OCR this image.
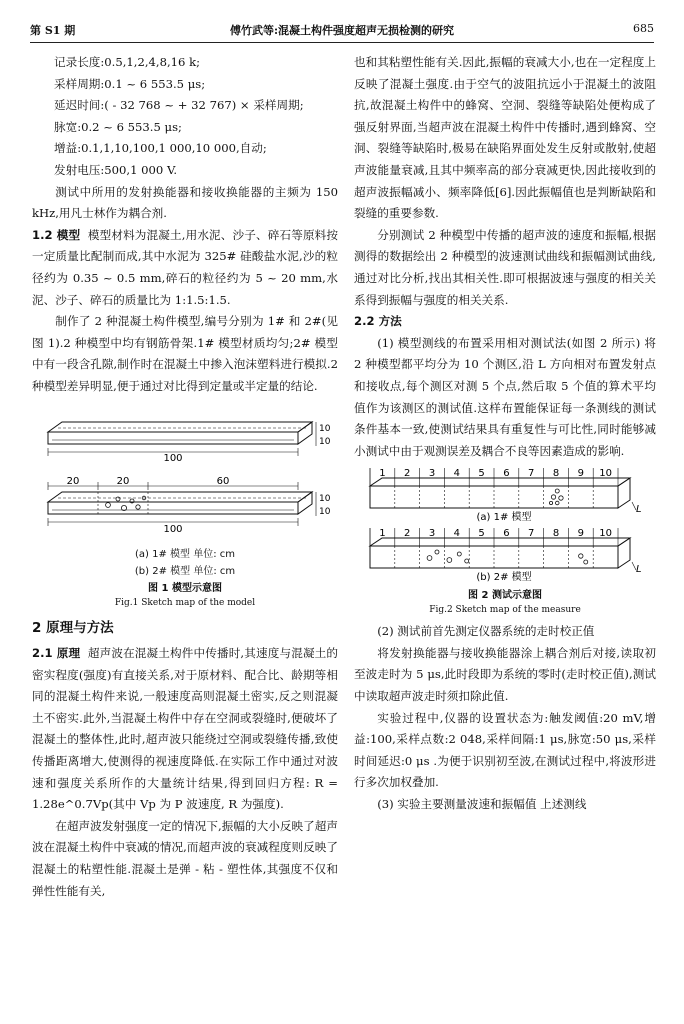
第 S1 期	傅竹武等:混凝土构件强度超声无损检测的研究	685

记录长度:0.5,1,2,4,8,16 k;

采样周期:0.1 ~ 6 553.5 μs;

延迟时间:( - 32 768 ~ + 32 767) × 采样周期;

脉宽:0.2 ~ 6 553.5 μs;

增益:0.1,1,10,100,1 000,10 000,自动;

发射电压:500,1 000 V.

测试中所用的发射换能器和接收换能器的主频为 150 kHz,用凡士林作为耦合剂.

1.2 模型 模型材料为混凝土,用水泥、沙子、碎石等原料按一定质量比配制而成,其中水泥为 325# 硅酸盐水泥,沙的粒径约为 0.35 ~ 0.5 mm,碎石的粒径约为 5 ~ 20 mm,水泥、沙子、碎石的质量比为 1:1.5:1.5.

制作了 2 种混凝土构件模型,编号分别为 1# 和 2#(见图 1).2 种模型中均有钢筋骨架.1# 模型材质均匀;2# 模型中有一段含孔隙,制作时在混凝土中掺入泡沫塑料进行模拟.2 种模型差异明显,便于通过对比得到定量或半定量的结论.

100
10
10
20	20	60
100
10
10
(a) 1# 模型 单位: cm
(b) 2# 模型 单位: cm
图 1 模型示意图
Fig.1 Sketch map of the model
2 原理与方法

2.1 原理 超声波在混凝土构件中传播时,其速度与混凝土的密实程度(强度)有直接关系,对于原材料、配合比、龄期等相同的混凝土构件来说,一般速度高则混凝土密实,反之则混凝土不密实.此外,当混凝土构件中存在空洞或裂缝时,便破坏了混凝土的整体性,此时,超声波只能绕过空洞或裂缝传播,致使传播距离增大,使测得的视速度降低.在实际工作中通过对波速和强度关系所作的大量统计结果,得到回归方程: R = 1.28e^0.7Vp(其中 Vp 为 P 波速度, R 为强度).

在超声波发射强度一定的情况下,振幅的大小反映了超声波在混凝土构件中衰减的情况,而超声波的衰减程度则反映了混凝土的粘塑性能.混凝土是弹 - 粘 - 塑性体,其强度不仅和弹性性能有关,

也和其粘塑性能有关.因此,振幅的衰减大小,也在一定程度上反映了混凝土强度.由于空气的波阻抗远小于混凝土的波阻抗,故混凝土构件中的蜂窝、空洞、裂缝等缺陷处便构成了强反射界面,当超声波在混凝土构件中传播时,遇到蜂窝、空洞、裂缝等缺陷时,极易在缺陷界面处发生反射或散射,使超声波能量衰减,且其中频率高的部分衰减更快,因此接收到的超声波振幅减小、频率降低[6].因此振幅值也是判断缺陷和裂缝的重要参数.

分别测试 2 种模型中传播的超声波的速度和振幅,根据测得的数据绘出 2 种模型的波速测试曲线和振幅测试曲线,通过对比分析,找出其相关性.即可根据波速与强度的相关关系得到振幅与强度的相关关系.

2.2 方法

(1) 模型测线的布置采用相对测试法(如图 2 所示) 将 2 种模型都平均分为 10 个测区,沿 L 方向相对布置发射点和接收点,每个测区对测 5 个点,然后取 5 个值的算术平均值作为该测区的测试值.这样布置能保证每一条测线的测试条件基本一致,使测试结果具有重复性与可比性,同时能够减小测试中由于观测误差及耦合不良等因素造成的影响.

1 2 3 4 5 6 7 8 9 10
L
(a) 1# 模型
1 2 3 4 5 6 7 8 9 10
L
(b) 2# 模型
图 2 测试示意图
Fig.2 Sketch map of the measure

(2) 测试前首先测定仪器系统的走时校正值

将发射换能器与接收换能器涂上耦合剂后对接,读取初至波走时为 5 μs,此时段即为系统的零时(走时校正值),测试中读取超声波走时须扣除此值.

实验过程中,仪器的设置状态为:触发阈值:20 mV,增益:100,采样点数:2 048,采样间隔:1 μs,脉宽:50 μs,采样时间延迟:0 μs .为便于识别初至波,在测试过程中,将波形进行多次加权叠加.

(3) 实验主要测量波速和振幅值 上述测线
